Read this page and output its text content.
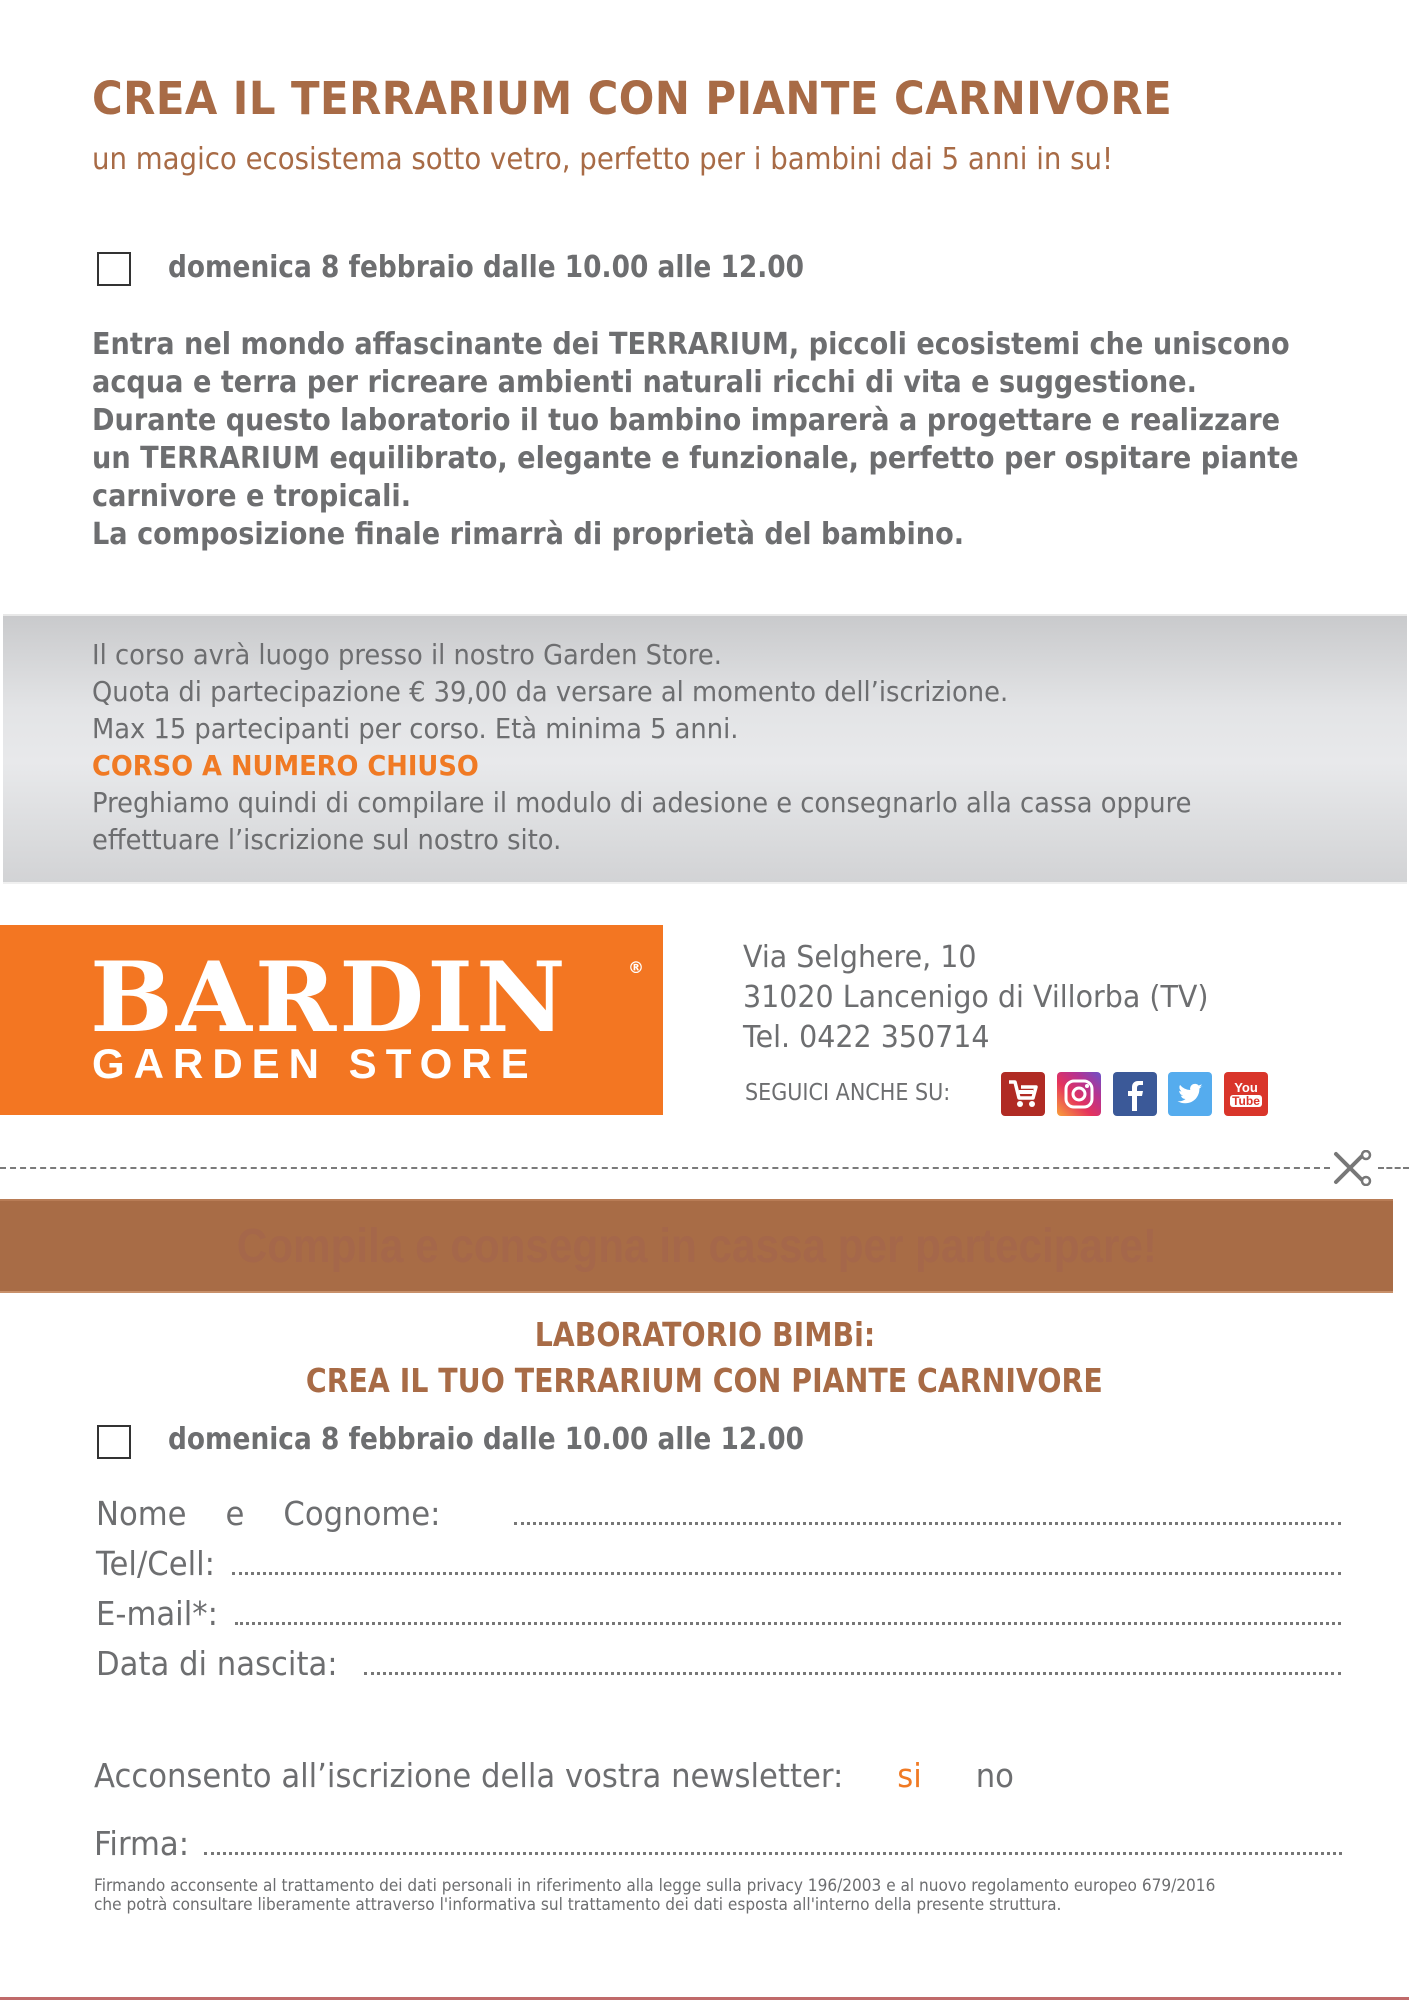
CREA IL TERRARIUM CON PIANTE CARNIVORE
un magico ecosistema sotto vetro, perfetto per i bambini dai 5 anni in su!
domenica 8 febbraio dalle 10.00 alle 12.00

Entra nel mondo affascinante dei TERRARIUM, piccoli ecosistemi che uniscono

acqua e terra per ricreare ambienti naturali ricchi di vita e suggestione.

Durante questo laboratorio il tuo bambino imparerà a progettare e realizzare

un TERRARIUM equilibrato, elegante e funzionale, perfetto per ospitare piante

carnivore e tropicali.

La composizione finale rimarrà di proprietà del bambino.

Il corso avrà luogo presso il nostro Garden Store.

Quota di partecipazione € 39,00 da versare al momento dell’iscrizione.

Max 15 partecipanti per corso. Età minima 5 anni.

CORSO A NUMERO CHIUSO

Preghiamo quindi di compilare il modulo di adesione e consegnarlo alla cassa oppure

effettuare l’iscrizione sul nostro sito.

BARDIN	®
GARDEN STORE

Via Selghere, 10

31020 Lancenigo di Villorba (TV)

Tel. 0422 350714

SEGUICI ANCHE SU:	You
Tube
Compila e consegna in cassa per partecipare!
LABORATORIO BIMBi:
CREA IL TUO TERRARIUM CON PIANTE CARNIVORE
domenica 8 febbraio dalle 10.00 alle 12.00
Nome    e    Cognome:
Tel/Cell:
E-mail*:
Data di nascita:
Acconsento all’iscrizione della vostra newsletter: si no
Firma:

Firmando acconsente al trattamento dei dati personali in riferimento alla legge sulla privacy 196/2003 e al nuovo regolamento europeo 679/2016

che potrà consultare liberamente attraverso l'informativa sul trattamento dei dati esposta all'interno della presente struttura.
